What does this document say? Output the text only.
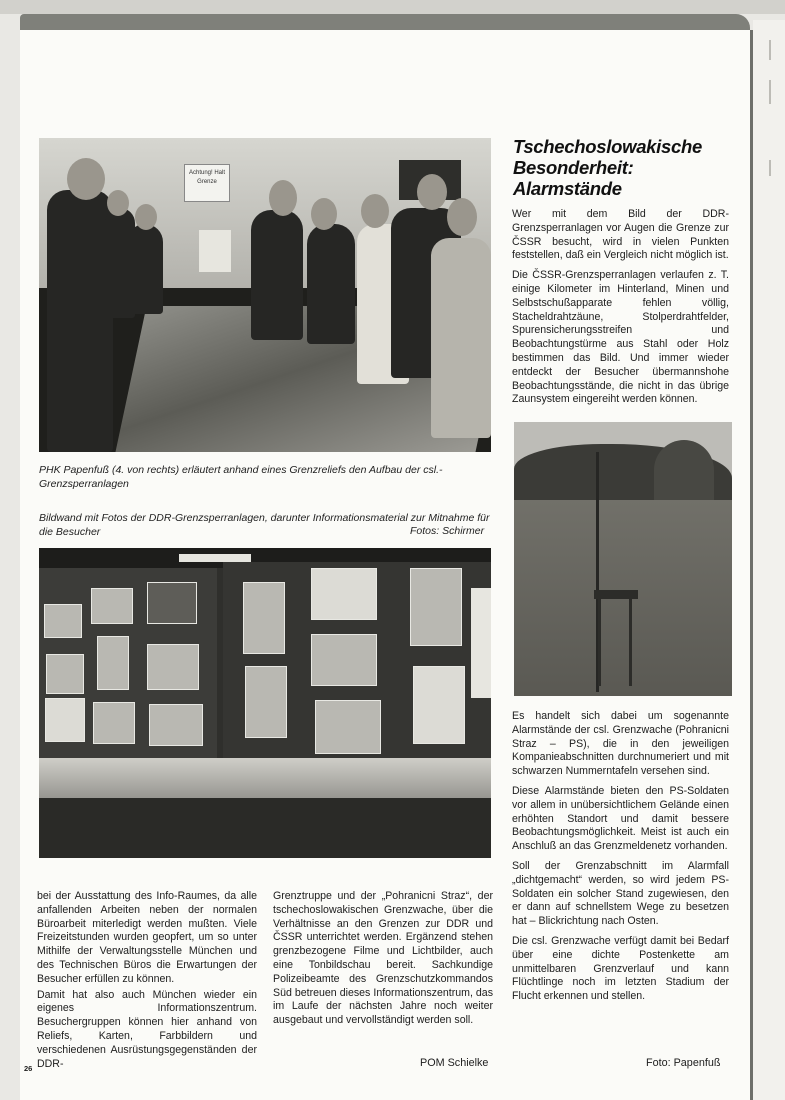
Achtung! Halt Grenze

PHK Papenfuß (4. von rechts) erläutert anhand eines Grenzreliefs den Aufbau der csl.-Grenzsperranlagen

Bildwand mit Fotos der DDR-Grenzsperranlagen, darunter Informationsmaterial zur Mitnahme für die Besucher	Fotos: Schirmer
Tschechoslowakische Besonderheit: Alarmstände

Wer mit dem Bild der DDR-Grenzsperranlagen vor Augen die Grenze zur ČSSR besucht, wird in vielen Punkten feststellen, daß ein Vergleich nicht möglich ist.

Die ČSSR-Grenzsperranlagen verlaufen z. T. einige Kilometer im Hinterland, Minen und Selbstschußapparate fehlen völlig, Stacheldrahtzäune, Stolperdrahtfelder, Spurensicherungsstreifen und Beobachtungstürme aus Stahl oder Holz bestimmen das Bild. Und immer wieder entdeckt der Besucher übermannshohe Beobachtungsstände, die nicht in das übrige Zaunsystem eingereiht werden können.

Es handelt sich dabei um sogenannte Alarmstände der csl. Grenzwache (Pohranicni Straz – PS), die in den jeweiligen Kompanieabschnitten durchnumeriert und mit schwarzen Nummerntafeln versehen sind.

Diese Alarmstände bieten den PS-Soldaten vor allem in unübersichtlichem Gelände einen erhöhten Standort und damit bessere Beobachtungsmöglichkeit. Meist ist auch ein Anschluß an das Grenzmeldenetz vorhanden.

Soll der Grenzabschnitt im Alarmfall „dichtgemacht“ werden, so wird jedem PS-Soldaten ein solcher Stand zugewiesen, den er dann auf schnellstem Wege zu besetzen hat – Blickrichtung nach Osten.

Die csl. Grenzwache verfügt damit bei Bedarf über eine dichte Postenkette am unmittelbaren Grenzverlauf und kann Flüchtlinge noch im letzten Stadium der Flucht erkennen und stellen.

Foto: Papenfuß

bei der Ausstattung des Info-Raumes, da alle anfallenden Arbeiten neben der normalen Büroarbeit miterledigt werden mußten. Viele Freizeitstunden wurden geopfert, um so unter Mithilfe der Verwaltungsstelle München und des Technischen Büros die Erwartungen der Besucher erfüllen zu können.

Damit hat also auch München wieder ein eigenes Informationszentrum. Besuchergruppen können hier anhand von Reliefs, Karten, Farbbildern und verschiedenen Ausrüstungsgegenständen der DDR-

Grenztruppe und der „Pohranicni Straz“, der tschechoslowakischen Grenzwache, über die Verhältnisse an den Grenzen zur DDR und ČSSR unterrichtet werden. Ergänzend stehen grenzbezogene Filme und Lichtbilder, auch eine Tonbildschau bereit. Sachkundige Polizeibeamte des Grenzschutzkommandos Süd betreuen dieses Informationszentrum, das im Laufe der nächsten Jahre noch weiter ausgebaut und vervollständigt werden soll.

POM Schielke
26
